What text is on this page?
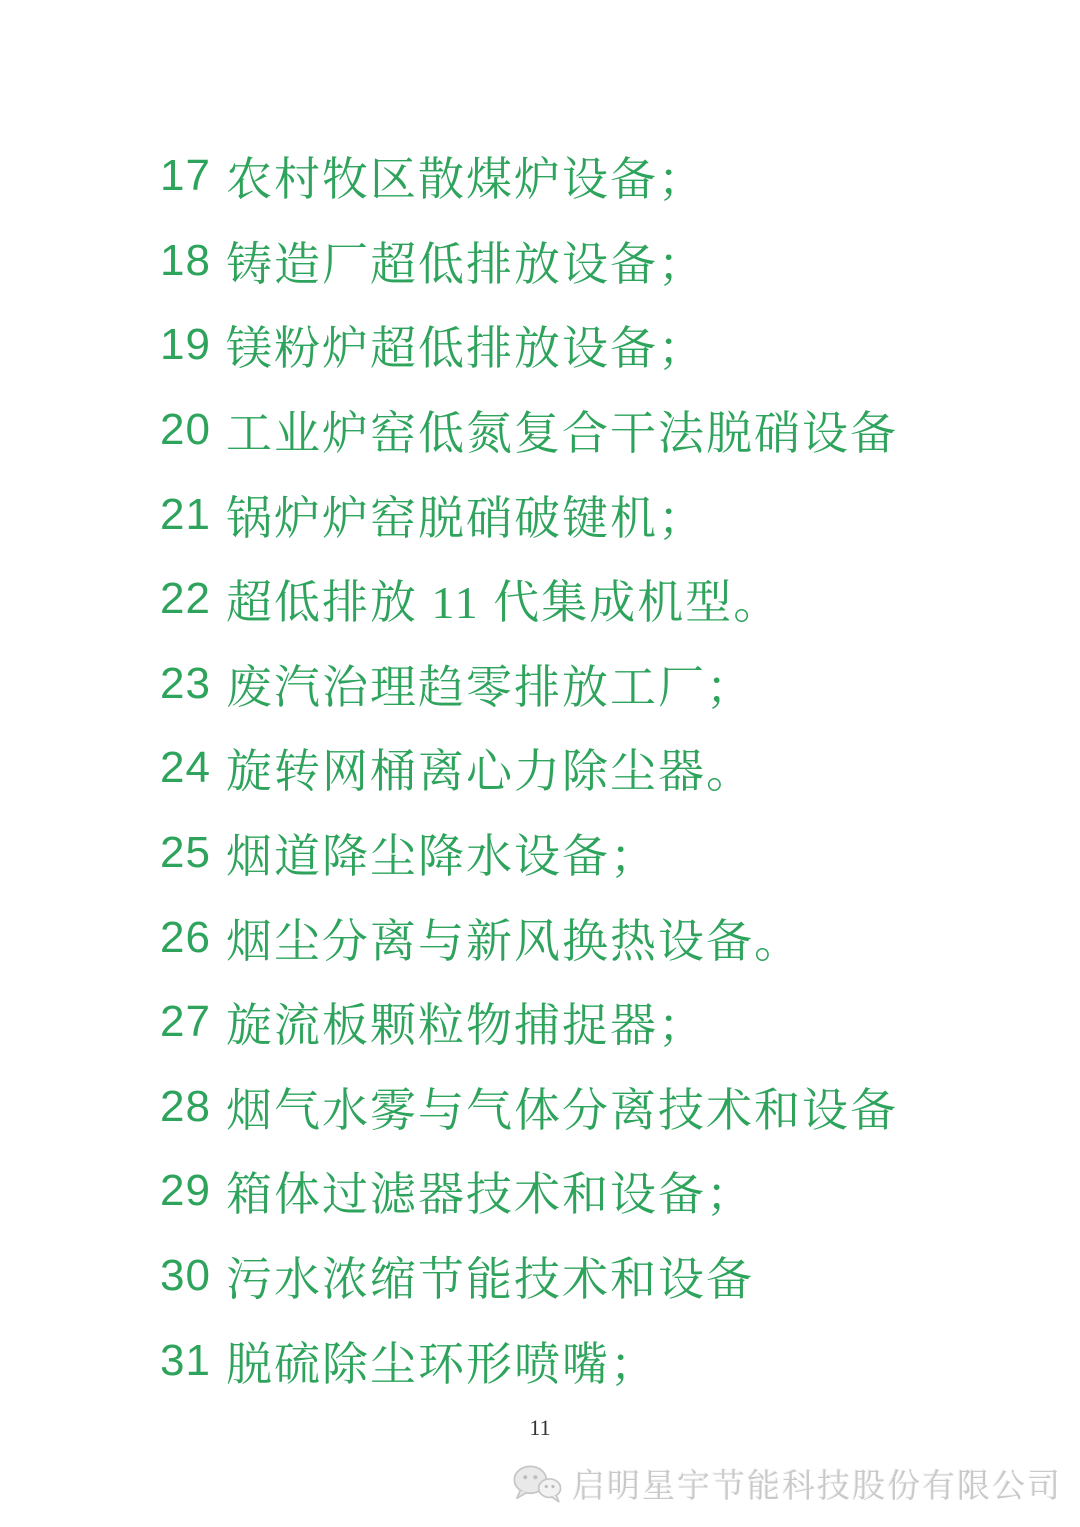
17 农村牧区散煤炉设备；
18 铸造厂超低排放设备；
19 镁粉炉超低排放设备；
20 工业炉窑低氮复合干法脱硝设备
21 锅炉炉窑脱硝破键机；
22 超低排放 11 代集成机型。
23 废汽治理趋零排放工厂；
24 旋转网桶离心力除尘器。
25 烟道降尘降水设备；
26 烟尘分离与新风换热设备。
27 旋流板颗粒物捕捉器；
28 烟气水雾与气体分离技术和设备
29 箱体过滤器技术和设备；
30 污水浓缩节能技术和设备
31 脱硫除尘环形喷嘴；
11
启明星宇节能科技股份有限公司
